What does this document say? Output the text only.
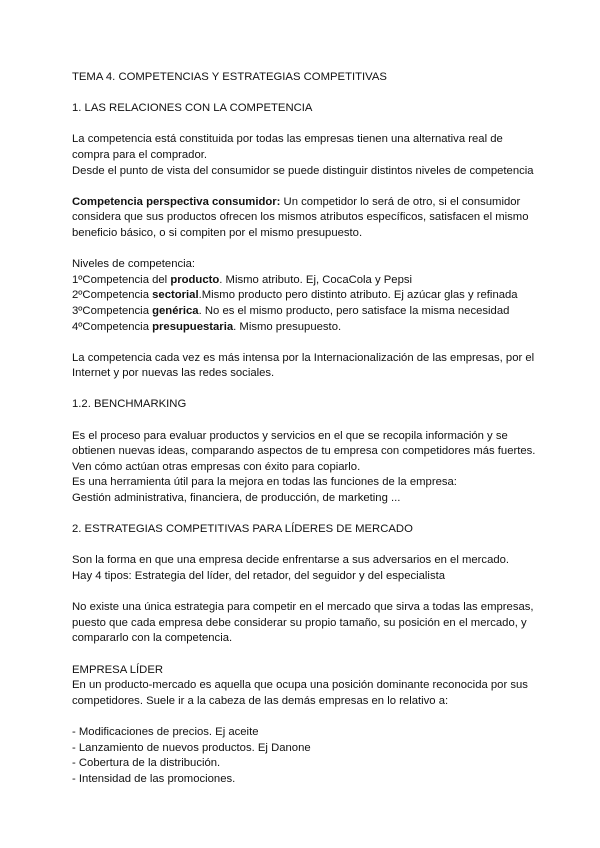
TEMA 4. COMPETENCIAS Y ESTRATEGIAS COMPETITIVAS

1. LAS RELACIONES CON LA COMPETENCIA

La competencia está constituida por todas las empresas tienen una alternativa real de

compra para el comprador.

Desde el punto de vista del consumidor se puede distinguir distintos niveles de competencia

Competencia perspectiva consumidor: Un competidor lo será de otro, si el consumidor

considera que sus productos ofrecen los mismos atributos específicos, satisfacen el mismo

beneficio básico, o si compiten por el mismo presupuesto.

Niveles de competencia:

1ºCompetencia del producto. Mismo atributo. Ej, CocaCola y Pepsi

2ºCompetencia sectorial.Mismo producto pero distinto atributo. Ej azúcar glas y refinada

3ºCompetencia genérica. No es el mismo producto, pero satisface la misma necesidad

4ºCompetencia presupuestaria. Mismo presupuesto.

La competencia cada vez es más intensa por la Internacionalización de las empresas, por el

Internet y por nuevas las redes sociales.

1.2. BENCHMARKING

Es el proceso para evaluar productos y servicios en el que se recopila información y se

obtienen nuevas ideas, comparando aspectos de tu empresa con competidores más fuertes.

Ven cómo actúan otras empresas con éxito para copiarlo.

Es una herramienta útil para la mejora en todas las funciones de la empresa:

Gestión administrativa, financiera, de producción, de marketing ...

2. ESTRATEGIAS COMPETITIVAS PARA LÍDERES DE MERCADO

Son la forma en que una empresa decide enfrentarse a sus adversarios en el mercado.

Hay 4 tipos: Estrategia del líder, del retador, del seguidor y del especialista

No existe una única estrategia para competir en el mercado que sirva a todas las empresas,

puesto que cada empresa debe considerar su propio tamaño, su posición en el mercado, y

compararlo con la competencia.

EMPRESA LÍDER

En un producto-mercado es aquella que ocupa una posición dominante reconocida por sus

competidores. Suele ir a la cabeza de las demás empresas en lo relativo a:

- Modificaciones de precios. Ej aceite

- Lanzamiento de nuevos productos. Ej Danone

- Cobertura de la distribución.

- Intensidad de las promociones.
